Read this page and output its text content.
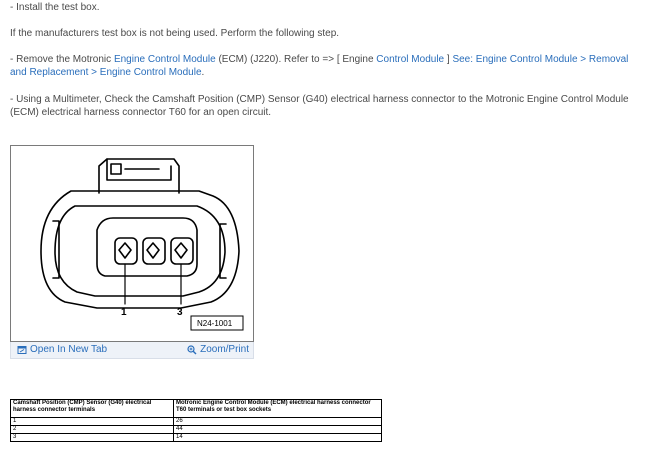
- Install the test box.
If the manufacturers test box is not being used. Perform the following step.
- Remove the Motronic Engine Control Module (ECM) (J220). Refer to => [ Engine Control Module ] See: Engine Control Module > Removal and Replacement > Engine Control Module.
- Using a Multimeter, Check the Camshaft Position (CMP) Sensor (G40) electrical harness connector to the Motronic Engine Control Module (ECM) electrical harness connector T60 for an open circuit.
1	3
N24-1001
Open In New Tab	Zoom/Print
Camshaft Position (CMP) Sensor (G40) electrical harness connector terminals	Motronic Engine Control Module (ECM) electrical harness connector T60 terminals or test box sockets
1	26
2	44
3	14
